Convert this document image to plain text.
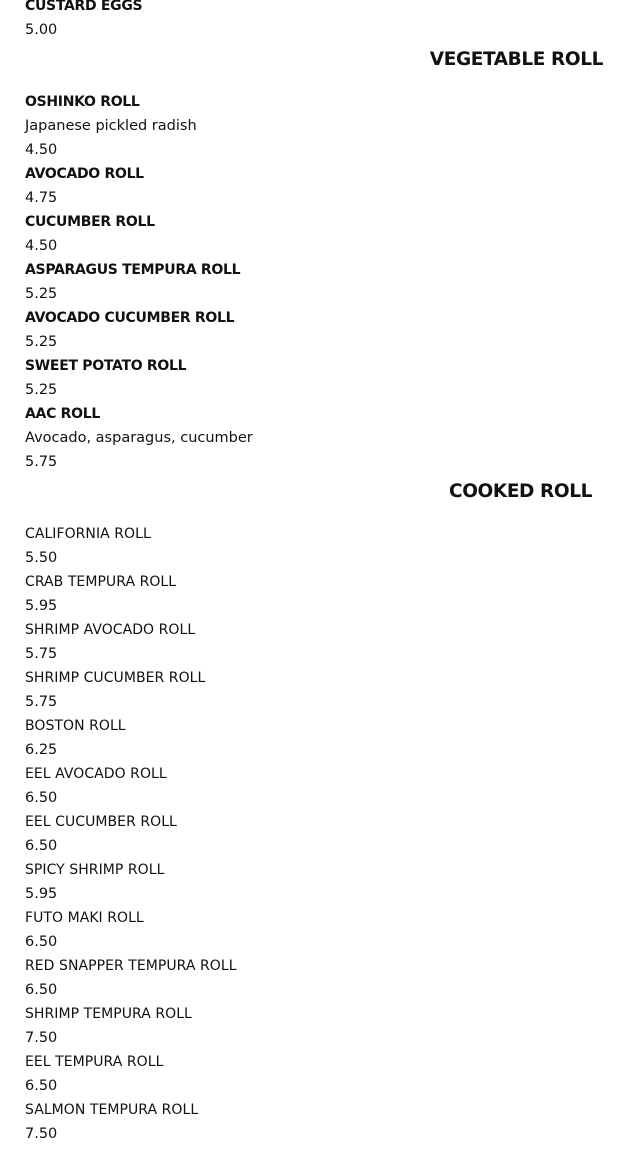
CUSTARD EGGS
5.00
VEGETABLE ROLL
OSHINKO ROLL
Japanese pickled radish
4.50
AVOCADO ROLL
4.75
CUCUMBER ROLL
4.50
ASPARAGUS TEMPURA ROLL
5.25
AVOCADO CUCUMBER ROLL
5.25
SWEET POTATO ROLL
5.25
AAC ROLL
Avocado, asparagus, cucumber
5.75
COOKED ROLL
CALIFORNIA ROLL
5.50
CRAB TEMPURA ROLL
5.95
SHRIMP AVOCADO ROLL
5.75
SHRIMP CUCUMBER ROLL
5.75
BOSTON ROLL
6.25
EEL AVOCADO ROLL
6.50
EEL CUCUMBER ROLL
6.50
SPICY SHRIMP ROLL
5.95
FUTO MAKI ROLL
6.50
RED SNAPPER TEMPURA ROLL
6.50
SHRIMP TEMPURA ROLL
7.50
EEL TEMPURA ROLL
6.50
SALMON TEMPURA ROLL
7.50
